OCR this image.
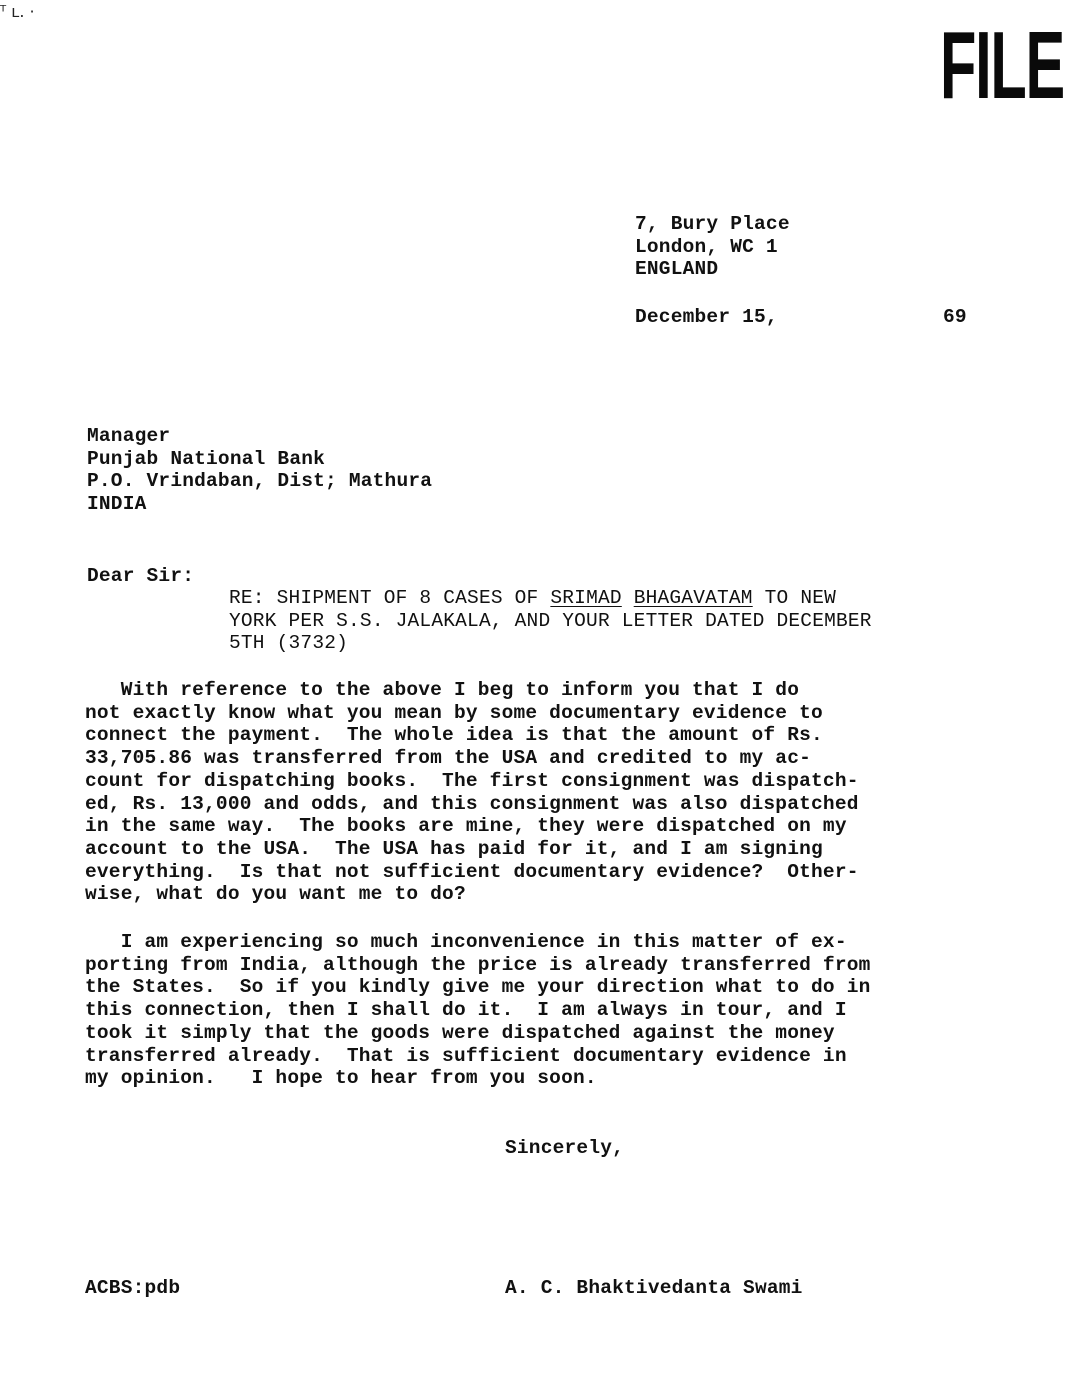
ᵀ ʟ. ·
FILE
7, Bury Place
London, WC 1
ENGLAND

December 15,

	69

Manager
Punjab National Bank
P.O. Vrindaban, Dist; Mathura
INDIA
Dear Sir:
RE: SHIPMENT OF 8 CASES OF SRIMAD BHAGAVATAM TO NEW
YORK PER S.S. JALAKALA, AND YOUR LETTER DATED DECEMBER
5TH (3732)
With reference to the above I beg to inform you that I do
not exactly know what you mean by some documentary evidence to
connect the payment.  The whole idea is that the amount of Rs.
33,705.86 was transferred from the USA and credited to my ac-
count for dispatching books.  The first consignment was dispatch-
ed, Rs. 13,000 and odds, and this consignment was also dispatched
in the same way.  The books are mine, they were dispatched on my
account to the USA.  The USA has paid for it, and I am signing
everything.  Is that not sufficient documentary evidence?  Other-
wise, what do you want me to do?
I am experiencing so much inconvenience in this matter of ex-
porting from India, although the price is already transferred from
the States.  So if you kindly give me your direction what to do in
this connection, then I shall do it.  I am always in tour, and I
took it simply that the goods were dispatched against the money
transferred already.  That is sufficient documentary evidence in
my opinion.   I hope to hear from you soon.
Sincerely,
ACBS:pdb	A. C. Bhaktivedanta Swami
